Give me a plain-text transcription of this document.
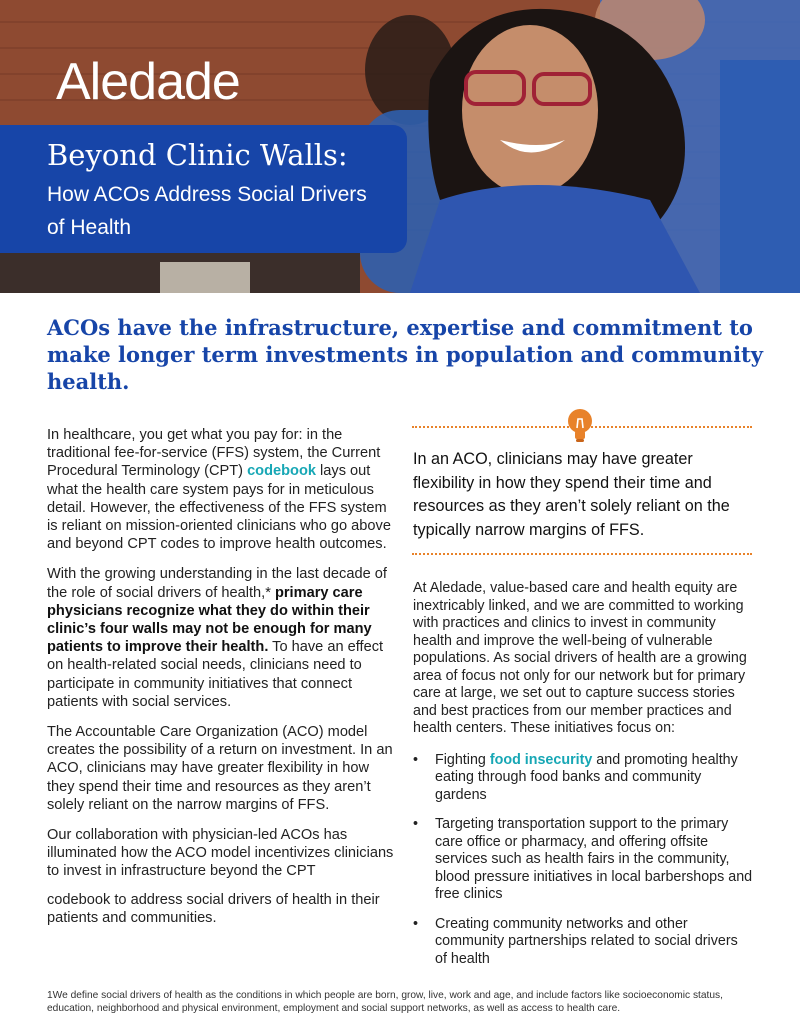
Aledade
Beyond Clinic Walls:
How ACOs Address Social Drivers of Health
ACOs have the infrastructure, expertise and commitment to make longer term investments in population and community health.

In healthcare, you get what you pay for: in the traditional fee-for-service (FFS) system, the Current Procedural Terminology (CPT) codebook lays out what the health care system pays for in meticulous detail. However, the effectiveness of the FFS system is reliant on mission-oriented clinicians who go above and beyond CPT codes to improve health outcomes.

With the growing understanding in the last decade of the role of social drivers of health,* primary care physicians recognize what they do within their clinic’s four walls may not be enough for many patients to improve their health. To have an effect on health-related social needs, clinicians need to participate in community initiatives that connect patients with social services.

The Accountable Care Organization (ACO) model creates the possibility of a return on investment. In an ACO, clinicians may have greater flexibility in how they spend their time and resources as they aren’t solely reliant on the narrow margins of FFS.

Our collaboration with physician-led ACOs has illuminated how the ACO model incentivizes clinicians to invest in infrastructure beyond the CPT

codebook to address social drivers of health in their patients and communities.

In an ACO, clinicians may have greater flexibility in how they spend their time and resources as they aren’t solely reliant on the typically narrow margins of FFS.

At Aledade, value-based care and health equity are inextricably linked, and we are committed to working with practices and clinics to invest in community health and improve the well-being of vulnerable populations. As social drivers of health are a growing area of focus not only for our network but for primary care at large, we set out to capture success stories and best practices from our member practices and health centers. These initiatives focus on:

• Fighting food insecurity and promoting healthy eating through food banks and community gardens
• Targeting transportation support to the primary care office or pharmacy, and offering offsite services such as health fairs in the community, blood pressure initiatives in local barbershops and free clinics
• Creating community networks and other community partnerships related to social drivers of health

1We define social drivers of health as the conditions in which people are born, grow, live, work and age, and include factors like socioeconomic status, education, neighborhood and physical environment, employment and social support networks, as well as access to health care.
